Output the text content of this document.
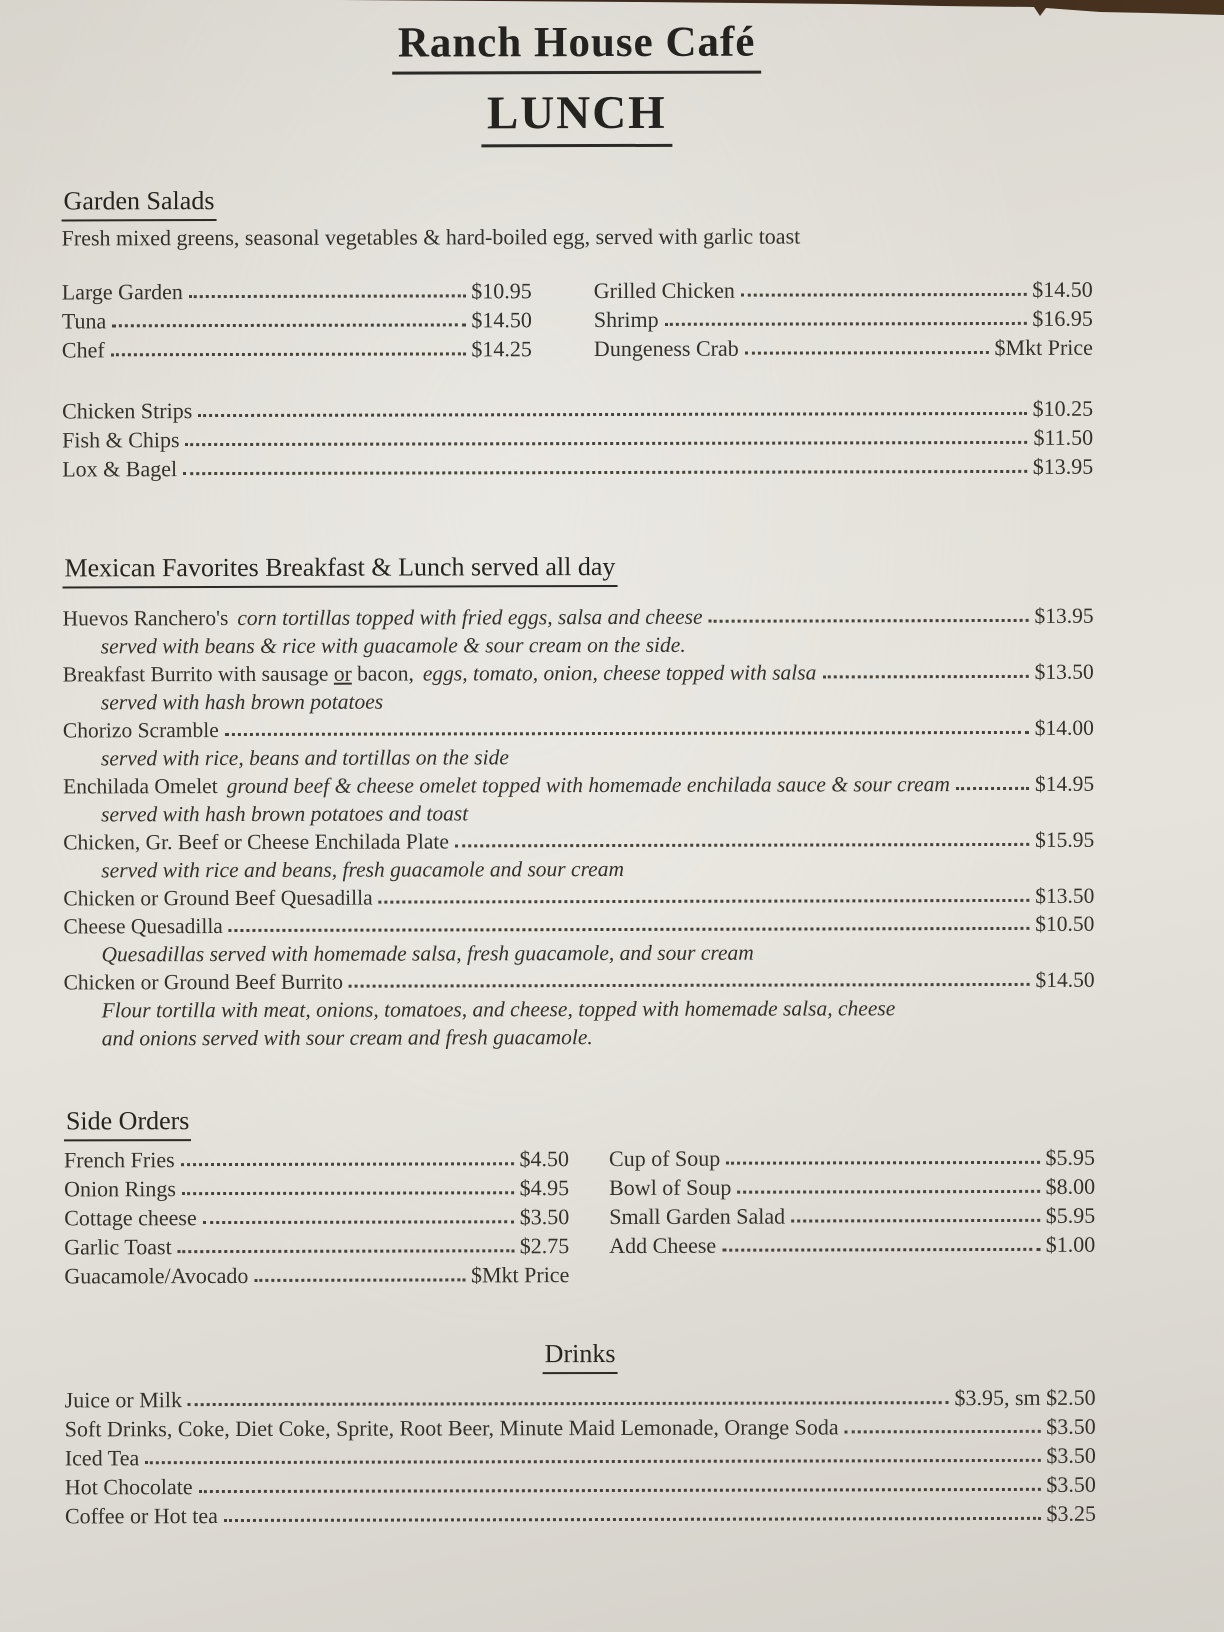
Ranch House Café
LUNCH
Garden Salads
Fresh mixed greens, seasonal vegetables & hard-boiled egg, served with garlic toast
Large Garden	$10.95
Tuna	$14.50
Chef	$14.25
Grilled Chicken	$14.50
Shrimp	$16.95
Dungeness Crab	$Mkt Price
Chicken Strips	$10.25
Fish & Chips	$11.50
Lox & Bagel	$13.95
Mexican Favorites Breakfast & Lunch served all day
Huevos Ranchero's corn tortillas topped with fried eggs, salsa and cheese	$13.95
served with beans & rice with guacamole & sour cream on the side.
Breakfast Burrito with sausage or bacon, eggs, tomato, onion, cheese topped with salsa	$13.50
served with hash brown potatoes
Chorizo Scramble	$14.00
served with rice, beans and tortillas on the side
Enchilada Omelet ground beef & cheese omelet topped with homemade enchilada sauce & sour cream	$14.95
served with hash brown potatoes and toast
Chicken, Gr. Beef or Cheese Enchilada Plate	$15.95
served with rice and beans, fresh guacamole and sour cream
Chicken or Ground Beef Quesadilla	$13.50
Cheese Quesadilla	$10.50
Quesadillas served with homemade salsa, fresh guacamole, and sour cream
Chicken or Ground Beef Burrito	$14.50
Flour tortilla with meat, onions, tomatoes, and cheese, topped with homemade salsa, cheese
and onions served with sour cream and fresh guacamole.
Side Orders
French Fries	$4.50
Onion Rings	$4.95
Cottage cheese	$3.50
Garlic Toast	$2.75
Guacamole/Avocado	$Mkt Price
Cup of Soup	$5.95
Bowl of Soup	$8.00
Small Garden Salad	$5.95
Add Cheese	$1.00
Drinks
Juice or Milk	$3.95, sm $2.50
Soft Drinks, Coke, Diet Coke, Sprite, Root Beer, Minute Maid Lemonade, Orange Soda	$3.50
Iced Tea	$3.50
Hot Chocolate	$3.50
Coffee or Hot tea	$3.25
